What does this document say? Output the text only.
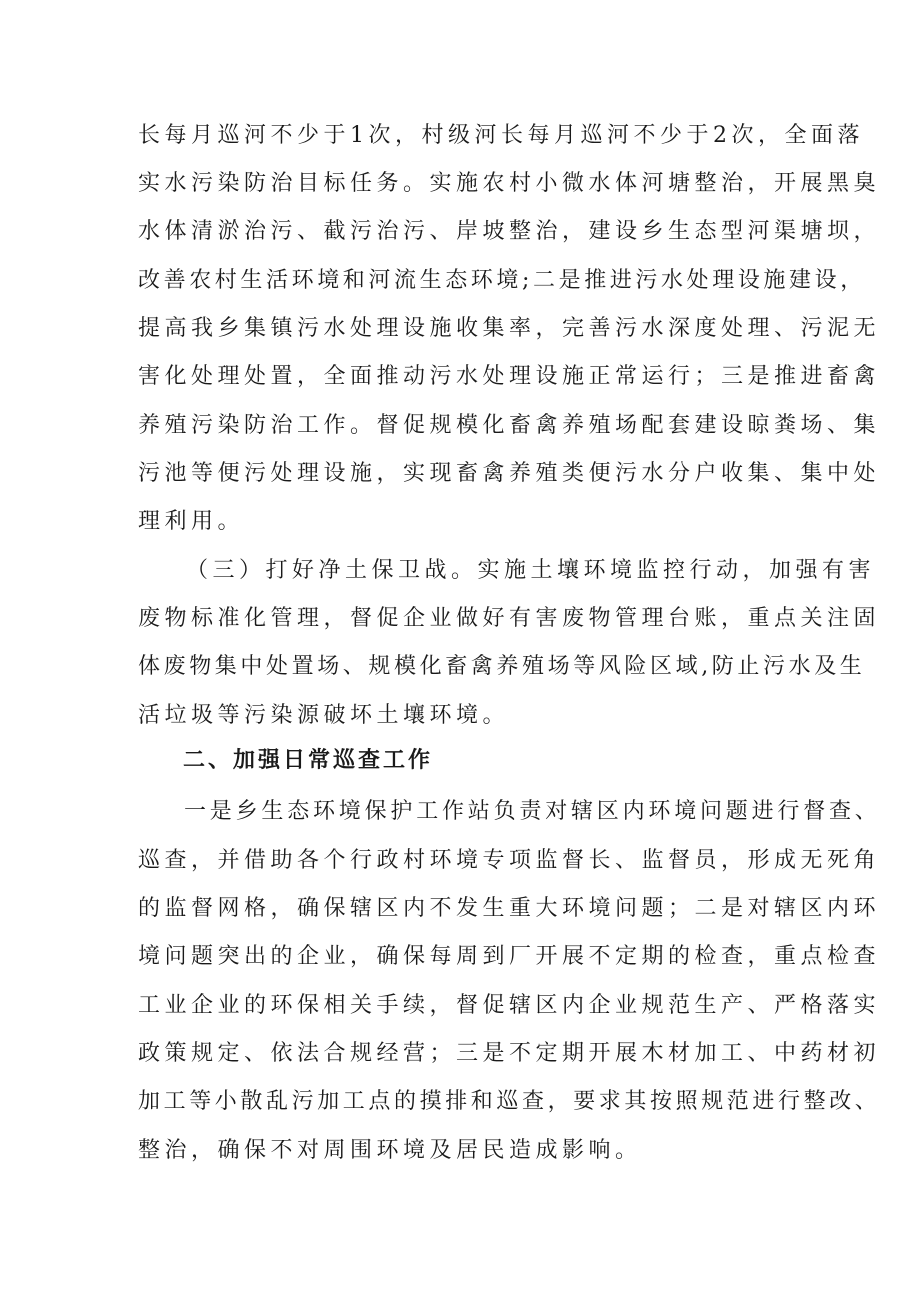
长每月巡河不少于1次，村级河长每月巡河不少于2次，全面落
实水污染防治目标任务。实施农村小微水体河塘整治，开展黑臭
水体清淤治污、截污治污、岸坡整治，建设乡生态型河渠塘坝，
改善农村生活环境和河流生态环境;二是推进污水处理设施建设，
提高我乡集镇污水处理设施收集率，完善污水深度处理、污泥无
害化处理处置，全面推动污水处理设施正常运行；三是推进畜禽
养殖污染防治工作。督促规模化畜禽养殖场配套建设晾粪场、集
污池等便污处理设施，实现畜禽养殖类便污水分户收集、集中处
理利用。
（三）打好净土保卫战。实施土壤环境监控行动，加强有害
废物标准化管理，督促企业做好有害废物管理台账，重点关注固
体废物集中处置场、规模化畜禽养殖场等风险区域,防止污水及生
活垃圾等污染源破坏土壤环境。
二、加强日常巡查工作
一是乡生态环境保护工作站负责对辖区内环境问题进行督查、
巡查，并借助各个行政村环境专项监督长、监督员，形成无死角
的监督网格，确保辖区内不发生重大环境问题；二是对辖区内环
境问题突出的企业，确保每周到厂开展不定期的检查，重点检查
工业企业的环保相关手续，督促辖区内企业规范生产、严格落实
政策规定、依法合规经营；三是不定期开展木材加工、中药材初
加工等小散乱污加工点的摸排和巡查，要求其按照规范进行整改、
整治，确保不对周围环境及居民造成影响。
